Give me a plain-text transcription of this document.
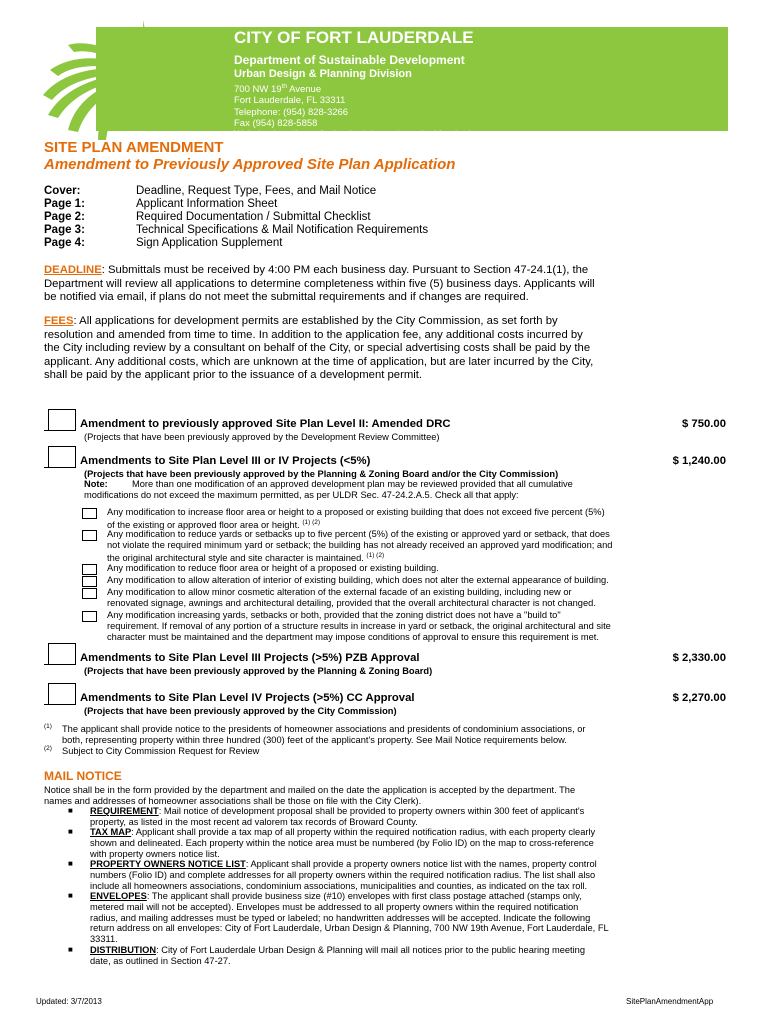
CITY OF FORT LAUDERDALE
Department of Sustainable Development
Urban Design & Planning Division
700 NW 19th Avenue
Fort Lauderdale, FL 33311
Telephone: (954) 828-3266
Fax (954) 828-5858
Website: http://www.fortlauderdale.gov/sustainable_dev/
SITE PLAN AMENDMENT
Amendment to Previously Approved Site Plan Application
Cover:	Deadline, Request Type, Fees, and Mail Notice
Page 1:	Applicant Information Sheet
Page 2:	Required Documentation / Submittal Checklist
Page 3:	Technical Specifications & Mail Notification Requirements
Page 4:	Sign Application Supplement
DEADLINE: Submittals must be received by 4:00 PM each business day. Pursuant to Section 47-24.1(1), the
Department will review all applications to determine completeness within five (5) business days. Applicants will
be notified via email, if plans do not meet the submittal requirements and if changes are required.
FEES: All applications for development permits are established by the City Commission, as set forth by
resolution and amended from time to time. In addition to the application fee, any additional costs incurred by
the City including review by a consultant on behalf of the City, or special advertising costs shall be paid by the
applicant. Any additional costs, which are unknown at the time of application, but are later incurred by the City,
shall be paid by the applicant prior to the issuance of a development permit.
Amendment to previously approved Site Plan Level II: Amended DRC	$ 750.00
(Projects that have been previously approved by the Development Review Committee)
Amendments to Site Plan Level III or IV Projects (<5%)	$ 1,240.00
(Projects that have been previously approved by the Planning & Zoning Board and/or the City Commission)
Note:	More than one modification of an approved development plan may be reviewed provided that all cumulative
modifications do not exceed the maximum permitted, as per ULDR Sec. 47-24.2.A.5. Check all that apply:
Any modification to increase floor area or height to a proposed or existing building that does not exceed five percent (5%)
of the existing or approved floor area or height. $^{(1) (2)}$
Any modification to reduce yards or setbacks up to five percent (5%) of the existing or approved yard or setback, that does
not violate the required minimum yard or setback; the building has not already received an approved yard modification; and
the original architectural style and site character is maintained. $^{(1) (2)}$
Any modification to reduce floor area or height of a proposed or existing building.
Any modification to allow alteration of interior of existing building, which does not alter the external appearance of building.
Any modification to allow minor cosmetic alteration of the external facade of an existing building, including new or
renovated signage, awnings and architectural detailing, provided that the overall architectural character is not changed.
Any modification increasing yards, setbacks or both, provided that the zoning district does not have a "build to"
requirement. If removal of any portion of a structure results in increase in yard or setback, the original architectural and site
character must be maintained and the department may impose conditions of approval to ensure this requirement is met.
Amendments to Site Plan Level III Projects (>5%) PZB Approval	$ 2,330.00
(Projects that have been previously approved by the Planning & Zoning Board)
Amendments to Site Plan Level IV Projects (>5%) CC Approval	$ 2,270.00
(Projects that have been previously approved by the City Commission)
$^{(1)}$ The applicant shall provide notice to the presidents of homeowner associations and presidents of condominium associations, or
both, representing property within three hundred (300) feet of the applicant's property. See Mail Notice requirements below.
$^{(2)}$ Subject to City Commission Request for Review
MAIL NOTICE
Notice shall be in the form provided by the department and mailed on the date the application is accepted by the department. The
names and addresses of homeowner associations shall be those on file with the City Clerk).
■ REQUIREMENT: Mail notice of development proposal shall be provided to property owners within 300 feet of applicant's
property, as listed in the most recent ad valorem tax records of Broward County.
■ TAX MAP: Applicant shall provide a tax map of all property within the required notification radius, with each property clearly
shown and delineated. Each property within the notice area must be numbered (by Folio ID) on the map to cross-reference
with property owners notice list.
■ PROPERTY OWNERS NOTICE LIST: Applicant shall provide a property owners notice list with the names, property control
numbers (Folio ID) and complete addresses for all property owners within the required notification radius. The list shall also
include all homeowners associations, condominium associations, municipalities and counties, as indicated on the tax roll.
■ ENVELOPES: The applicant shall provide business size (#10) envelopes with first class postage attached (stamps only,
metered mail will not be accepted). Envelopes must be addressed to all property owners within the required notification
radius, and mailing addresses must be typed or labeled; no handwritten addresses will be accepted. Indicate the following
return address on all envelopes: City of Fort Lauderdale, Urban Design & Planning, 700 NW 19th Avenue, Fort Lauderdale, FL
33311.
■ DISTRIBUTION: City of Fort Lauderdale Urban Design & Planning will mail all notices prior to the public hearing meeting
date, as outlined in Section 47-27.
Updated: 3/7/2013	SitePlanAmendmentApp
